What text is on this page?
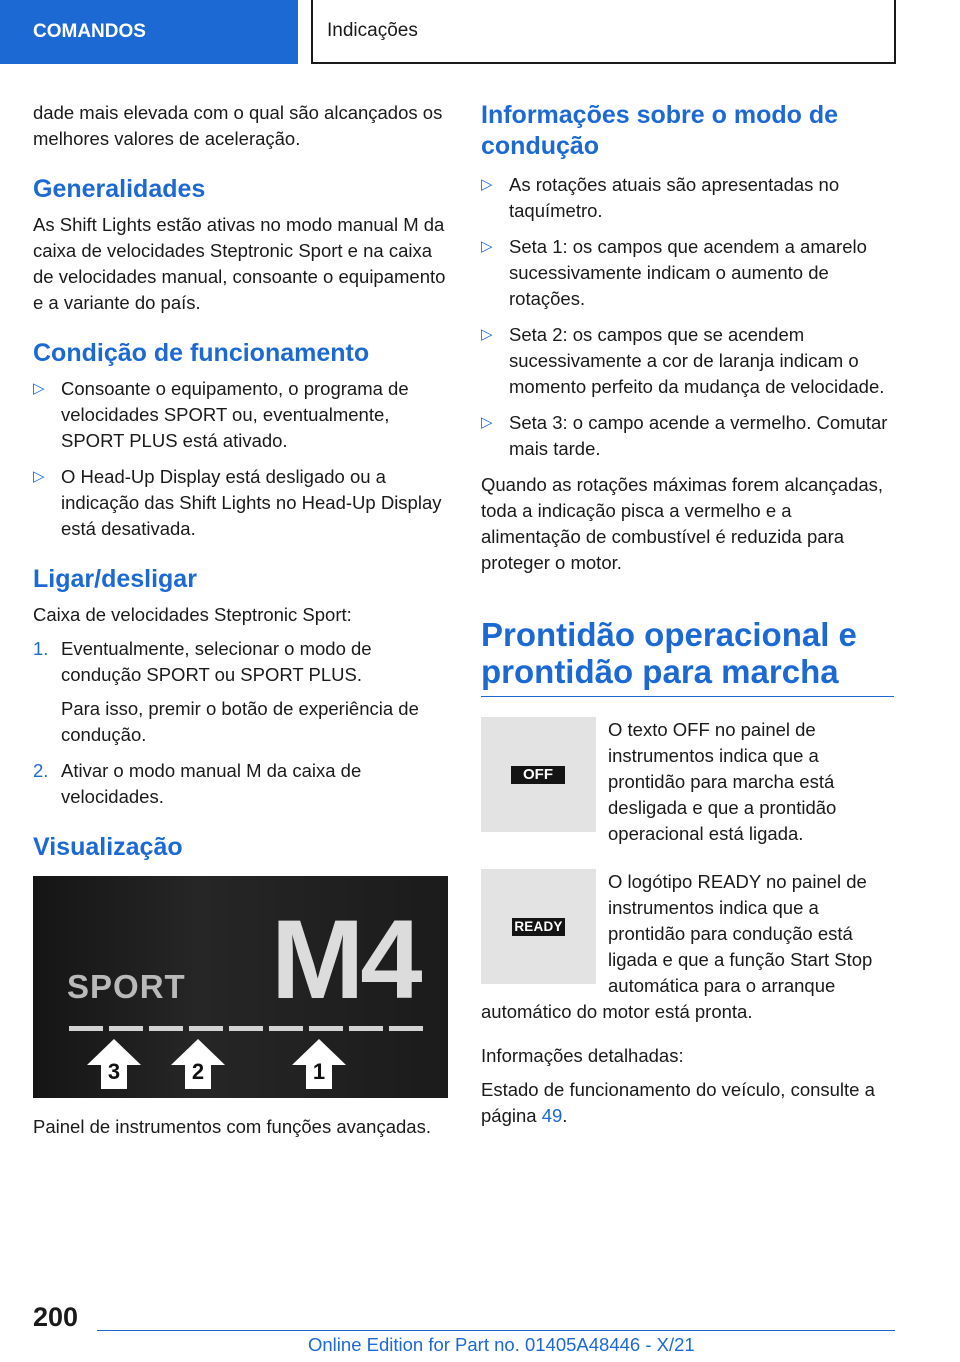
COMANDOS	Indicações

dade mais elevada com o qual são alcançados os melhores valores de aceleração.

Generalidades

As Shift Lights estão ativas no modo manual M da caixa de velocidades Steptronic Sport e na caixa de velocidades manual, consoante o equipamento e a variante do país.

Condição de funcionamento
▷ Consoante o equipamento, o programa de velocidades SPORT ou, eventualmente, SPORT PLUS está ativado.
▷ O Head-Up Display está desligado ou a indicação das Shift Lights no Head-Up Display está desativada.
Ligar/desligar

Caixa de velocidades Steptronic Sport:

1. Eventualmente, selecionar o modo de condução SPORT ou SPORT PLUS.
Para isso, premir o botão de experiência de condução.
2. Ativar o modo manual M da caixa de velocidades.
Visualização
M4
SPORT
3	2	1

Painel de instrumentos com funções avançadas.

Informações sobre o modo de condução
▷ As rotações atuais são apresentadas no taquímetro.
▷ Seta 1: os campos que acendem a amarelo sucessivamente indicam o aumento de rotações.
▷ Seta 2: os campos que se acendem sucessivamente a cor de laranja indicam o momento perfeito da mudança de velocidade.
▷ Seta 3: o campo acende a vermelho. Comutar mais tarde.

Quando as rotações máximas forem alcançadas, toda a indicação pisca a vermelho e a alimentação de combustível é reduzida para proteger o motor.

Prontidão operacional e prontidão para marcha
OFF

O texto OFF no painel de instrumentos indica que a prontidão para marcha está desligada e que a prontidão operacional está ligada.

READY

O logótipo READY no painel de instrumentos indica que a prontidão para condução está ligada e que a função Start Stop automática para o arranque automático do motor está pronta.

Informações detalhadas:

Estado de funcionamento do veículo, consulte a página 49.

200
Online Edition for Part no. 01405A48446 - X/21
